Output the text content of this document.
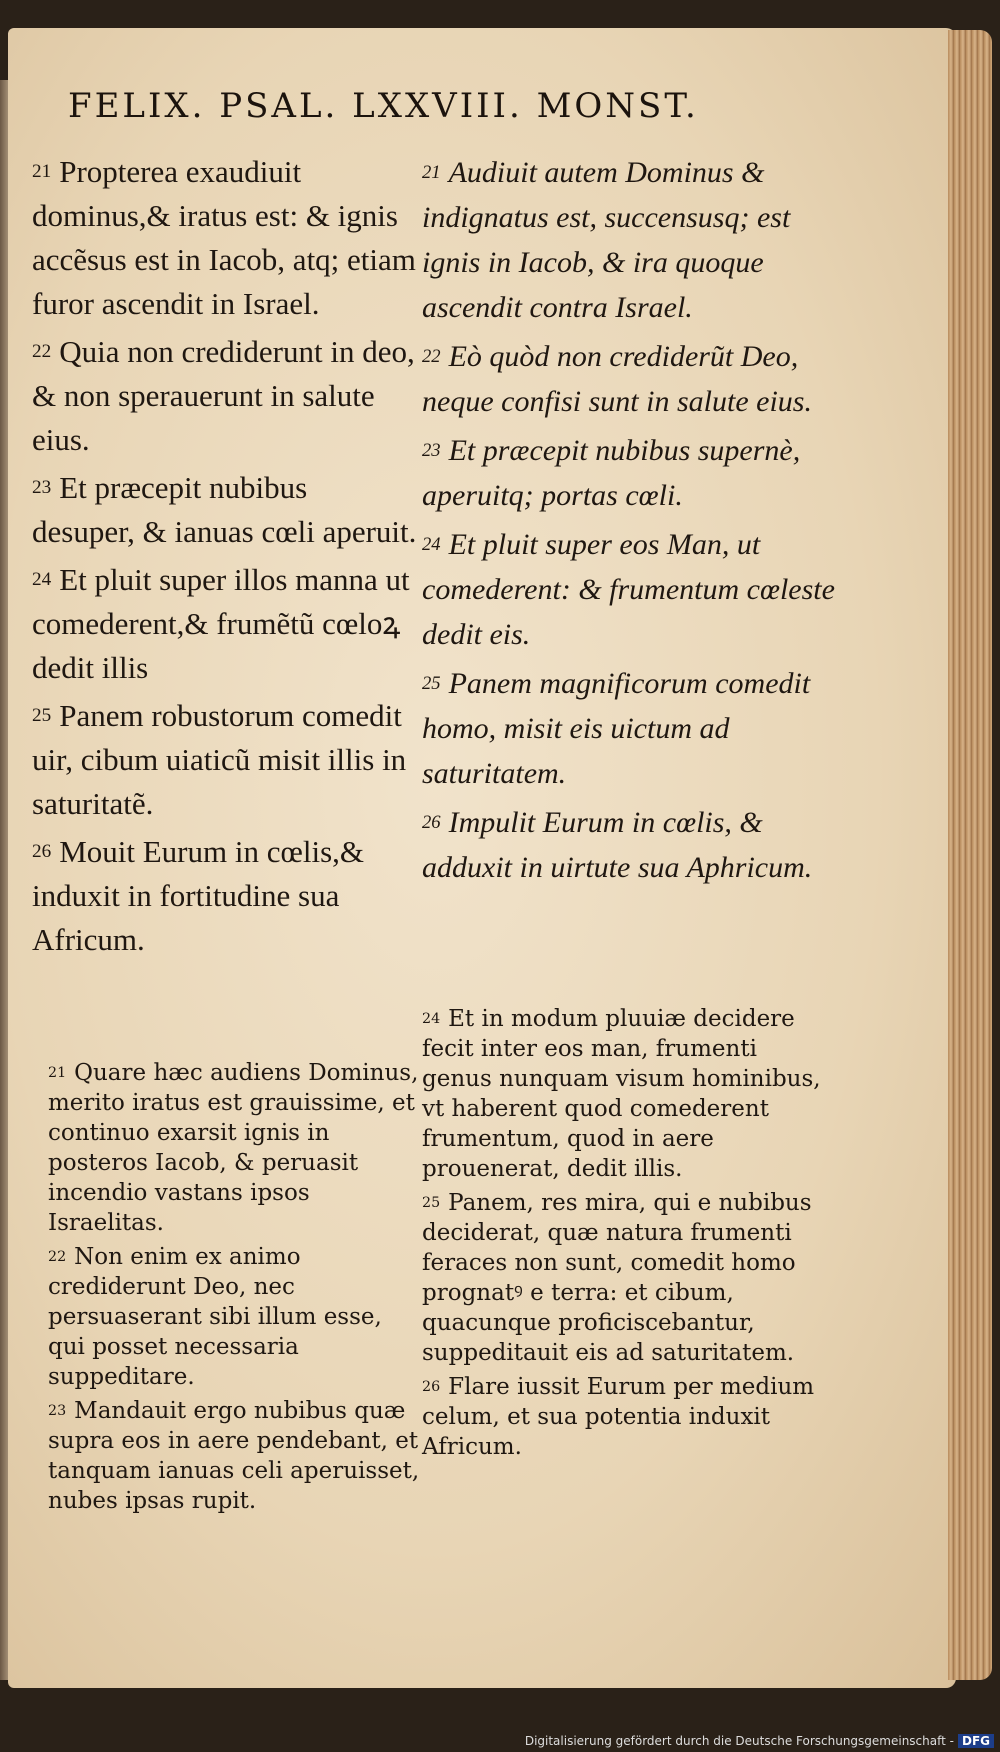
FELIX. PSAL. LXXVIII. MONST.

$^{21}$ Propterea exaudiuit dominus,& iratus est: & ignis accẽsus est in Iacob, atq; etiam furor ascendit in Israel.

$^{22}$ Quia non crediderunt in deo, & non sperauerunt in salute eius.

$^{23}$ Et præcepit nubibus desuper, & ianuas cœli aperuit.

$^{24}$ Et pluit super illos manna ut comederent,& frumẽtũ cœloꝝ dedit illis

$^{25}$ Panem robustorum comedit uir, cibum uiaticũ misit illis in saturitatẽ.

$^{26}$ Mouit Eurum in cœlis,& induxit in fortitudine sua Africum.

$^{21}$ Audiuit autem Dominus & indignatus est, succensusq; est ignis in Iacob, & ira quoque ascendit contra Israel.

$^{22}$ Eò quòd non crediderũt Deo, neque confisi sunt in salute eius.

$^{23}$ Et præcepit nubibus supernè, aperuitq; portas cœli.

$^{24}$ Et pluit super eos Man, ut comederent: & frumentum cœleste dedit eis.

$^{25}$ Panem magnificorum comedit homo, misit eis uictum ad saturitatem.

$^{26}$ Impulit Eurum in cœlis, & adduxit in uirtute sua Aphricum.

$^{21}$ Quare hæc audiens Dominus, merito iratus est grauissime, et continuo exarsit ignis in posteros Iacob, & peruasit incendio vastans ipsos Israelitas.

$^{22}$ Non enim ex animo crediderunt Deo, nec persuaserant sibi illum esse, qui posset necessaria suppeditare.

$^{23}$ Mandauit ergo nubibus quæ supra eos in aere pendebant, et tanquam ianuas celi aperuisset, nubes ipsas rupit.

$^{24}$ Et in modum pluuiæ decidere fecit inter eos man, frumenti genus nunquam visum hominibus, vt haberent quod comederent frumentum, quod in aere prouenerat, dedit illis.

$^{25}$ Panem, res mira, qui e nubibus deciderat, quæ natura frumenti feraces non sunt, comedit homo prognatꝰ e terra: et cibum, quacunque proficiscebantur, suppeditauit eis ad saturitatem.

$^{26}$ Flare iussit Eurum per medium celum, et sua potentia induxit Africum.

Digitalisierung gefördert durch die Deutsche Forschungsgemeinschaft - DFG
